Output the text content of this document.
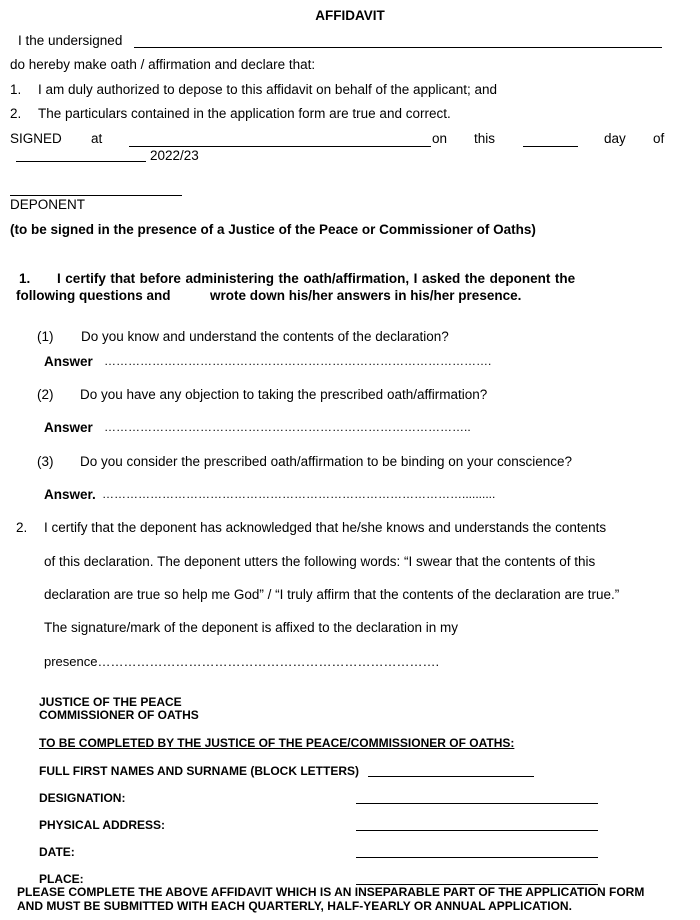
AFFIDAVIT
I the undersigned
do hereby make oath / affirmation and declare that:
1. I am duly authorized to depose to this affidavit on behalf of the applicant; and
2. The particulars contained in the application form are true and correct.
SIGNED at	on this	day of
2022/23
DEPONENT
(to be signed in the presence of a Justice of the Peace or Commissioner of Oaths)
1. I certify that before administering the oath/affirmation, I asked the deponent the
following questions and	wrote down his/her answers in his/her presence.
(1) Do you know and understand the contents of the declaration?
Answer …………………………………………………………………………………….
(2) Do you have any objection to taking the prescribed oath/affirmation?
Answer ………………………………………………………………………………..
(3) Do you consider the prescribed oath/affirmation to be binding on your conscience?
Answer. ………………………………………………………………………………..........
2. I certify that the deponent has acknowledged that he/she knows and understands the contents
of this declaration. The deponent utters the following words: “I swear that the contents of this
declaration are true so help me God” / “I truly affirm that the contents of the declaration are true.”
The signature/mark of the deponent is affixed to the declaration in my
presence…………………………………………………………………….
JUSTICE OF THE PEACE
COMMISSIONER OF OATHS
TO BE COMPLETED BY THE JUSTICE OF THE PEACE/COMMISSIONER OF OATHS:
FULL FIRST NAMES AND SURNAME (BLOCK LETTERS)
DESIGNATION:
PHYSICAL ADDRESS:
DATE:
PLACE:
PLEASE COMPLETE THE ABOVE AFFIDAVIT WHICH IS AN INSEPARABLE PART OF THE APPLICATION FORM
AND MUST BE SUBMITTED WITH EACH QUARTERLY, HALF-YEARLY OR ANNUAL APPLICATION.
